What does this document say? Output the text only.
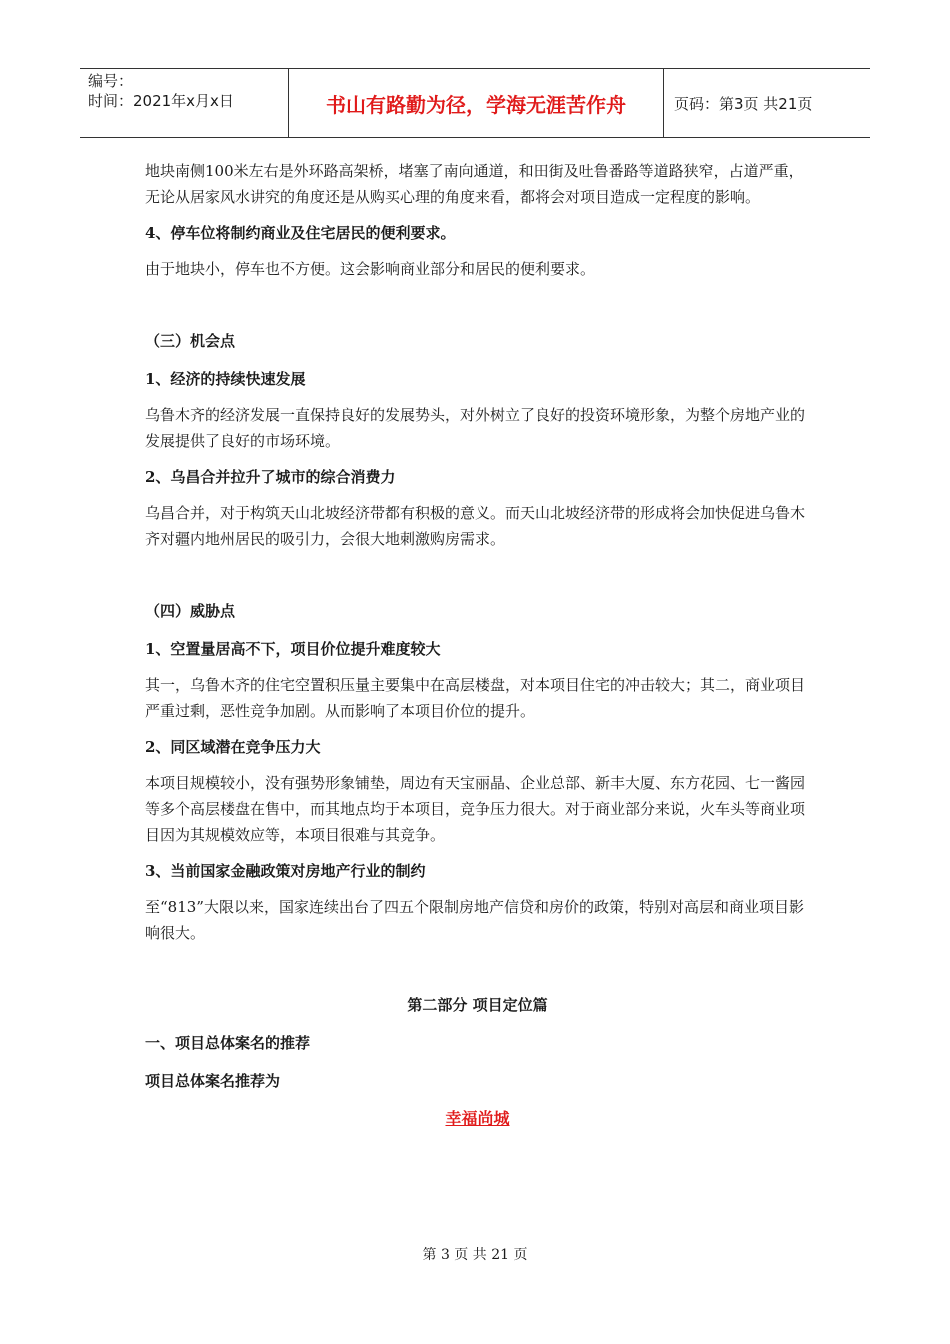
编号：
时间：2021年x月x日	书山有路勤为径，学海无涯苦作舟	页码：第3页 共21页

地块南侧100米左右是外环路高架桥，堵塞了南向通道，和田街及吐鲁番路等道路狭窄，占道严重，无论从居家风水讲究的角度还是从购买心理的角度来看，都将会对项目造成一定程度的影响。

4、停车位将制约商业及住宅居民的便利要求。

由于地块小，停车也不方便。这会影响商业部分和居民的便利要求。

（三）机会点

1、经济的持续快速发展

乌鲁木齐的经济发展一直保持良好的发展势头，对外树立了良好的投资环境形象，为整个房地产业的发展提供了良好的市场环境。

2、乌昌合并拉升了城市的综合消费力

乌昌合并，对于构筑天山北坡经济带都有积极的意义。而天山北坡经济带的形成将会加快促进乌鲁木齐对疆内地州居民的吸引力，会很大地刺激购房需求。

（四）威胁点

1、空置量居高不下，项目价位提升难度较大

其一，乌鲁木齐的住宅空置积压量主要集中在高层楼盘，对本项目住宅的冲击较大；其二，商业项目严重过剩，恶性竞争加剧。从而影响了本项目价位的提升。

2、同区域潜在竞争压力大

本项目规模较小，没有强势形象铺垫，周边有天宝丽晶、企业总部、新丰大厦、东方花园、七一酱园等多个高层楼盘在售中，而其地点均于本项目，竞争压力很大。对于商业部分来说，火车头等商业项目因为其规模效应等，本项目很难与其竞争。

3、当前国家金融政策对房地产行业的制约

至“813”大限以来，国家连续出台了四五个限制房地产信贷和房价的政策，特别对高层和商业项目影响很大。

第二部分 项目定位篇

一、项目总体案名的推荐

项目总体案名推荐为

幸福尚城

第 3 页 共 21 页
